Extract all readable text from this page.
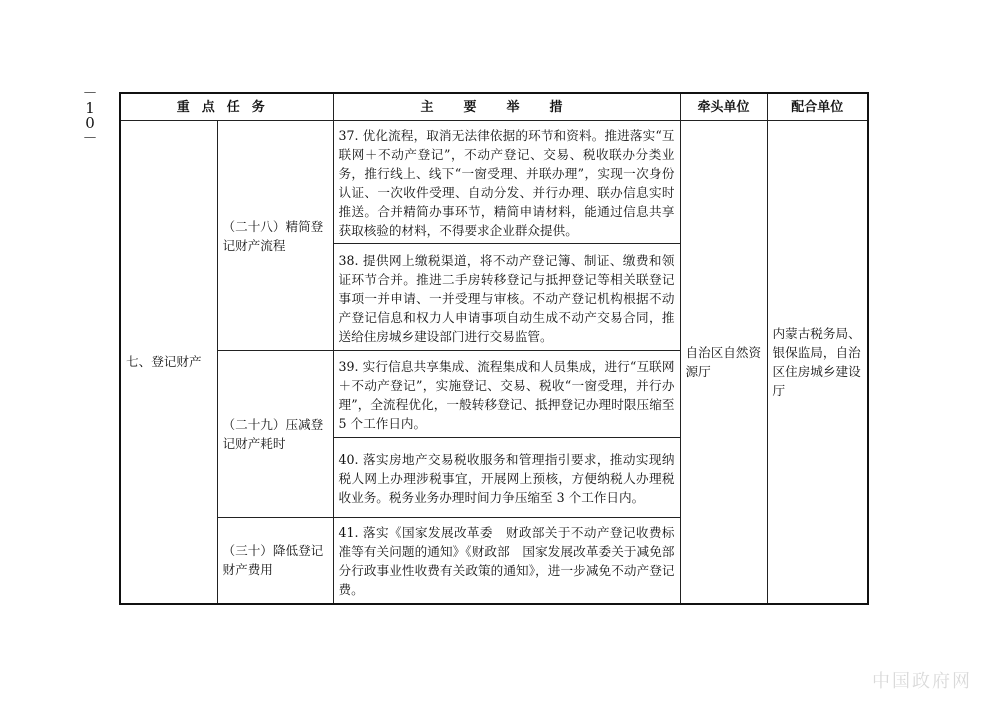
－
1
0
－
重点任务		主要举措	牵头单位	配合单位
七、登记财产	（二十八）精简登记财产流程	37. 优化流程，取消无法律依据的环节和资料。推进落实“互联网＋不动产登记”，不动产登记、交易、税收联办分类业务，推行线上、线下“一窗受理、并联办理”，实现一次身份认证、一次收件受理、自动分发、并行办理、联办信息实时推送。合并精简办事环节，精简申请材料，能通过信息共享获取核验的材料，不得要求企业群众提供。	自治区自然资源厅	内蒙古税务局、银保监局，自治区住房城乡建设厅
		38. 提供网上缴税渠道，将不动产登记簿、制证、缴费和领证环节合并。推进二手房转移登记与抵押登记等相关联登记事项一并申请、一并受理与审核。不动产登记机构根据不动产登记信息和权力人申请事项自动生成不动产交易合同，推送给住房城乡建设部门进行交易监管。		
	（二十九）压减登记财产耗时	39. 实行信息共享集成、流程集成和人员集成，进行“互联网＋不动产登记”，实施登记、交易、税收“一窗受理，并行办理”，全流程优化，一般转移登记、抵押登记办理时限压缩至 5 个工作日内。		
		40. 落实房地产交易税收服务和管理指引要求，推动实现纳税人网上办理涉税事宜，开展网上预核，方便纳税人办理税收业务。税务业务办理时间力争压缩至 3 个工作日内。		
	（三十）降低登记财产费用	41. 落实《国家发展改革委　财政部关于不动产登记收费标准等有关问题的通知》《财政部　国家发展改革委关于减免部分行政事业性收费有关政策的通知》，进一步减免不动产登记费。		
中国政府网
